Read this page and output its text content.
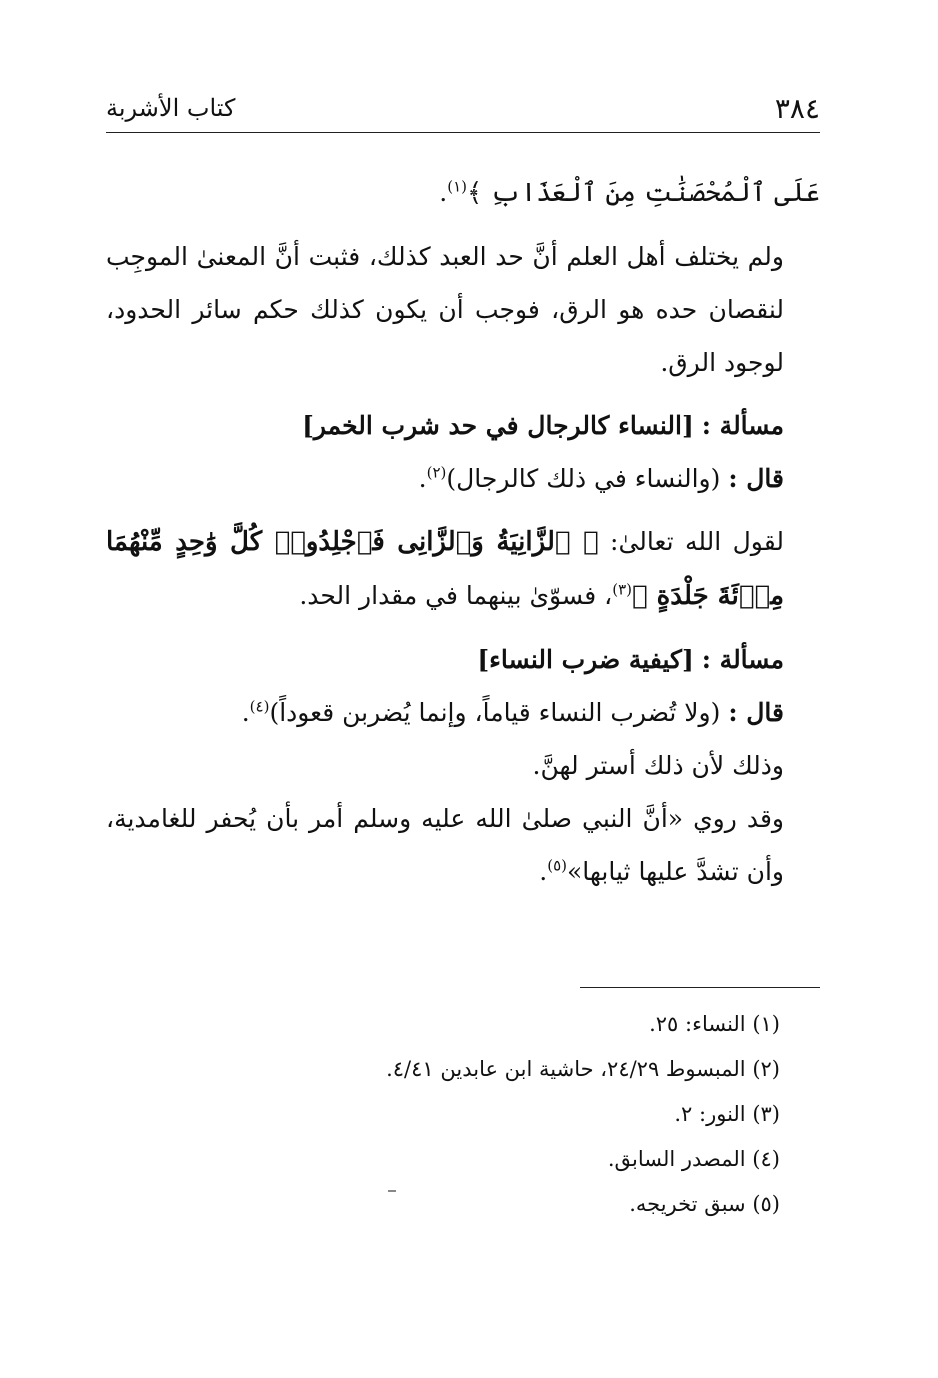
٣٨٤
كتاب الأشربة

عَلَى ٱلْمُحْصَنَٰتِ مِنَ ٱلْعَذَابِ ﴾$^{(١)}$.

ولم يختلف أهل العلم أنَّ حد العبد كذلك، فثبت أنَّ المعنىٰ الموجِب لنقصان حده هو الرق، فوجب أن يكون كذلك حكم سائر الحدود، لوجود الرق.

مسألة : [النساء كالرجال في حد شرب الخمر]

قال : (والنساء في ذلك كالرجال)$^{(٢)}$.

لقول الله تعالىٰ: ﴿ ٱلزَّانِيَةُ وَٱلزَّانِى فَٱجْلِدُوا۟ كُلَّ وَٰحِدٍ مِّنْهُمَا مِا۟ئَةَ جَلْدَةٍ ﴾$^{(٣)}$، فسوّىٰ بينهما في مقدار الحد.

مسألة : [كيفية ضرب النساء]

قال : (ولا تُضرب النساء قياماً، وإنما يُضربن قعوداً)$^{(٤)}$.

وذلك لأن ذلك أستر لهنَّ.

وقد روي «أنَّ النبي صلىٰ الله عليه وسلم أمر بأن يُحفر للغامدية، وأن تشدَّ عليها ثيابها»$^{(٥)}$.

(١) النساء: ٢٥.

(٢) المبسوط ٢٤/٢٩، حاشية ابن عابدين ٤/٤١.

(٣) النور: ٢.

(٤) المصدر السابق.

(٥) سبق تخريجه.
